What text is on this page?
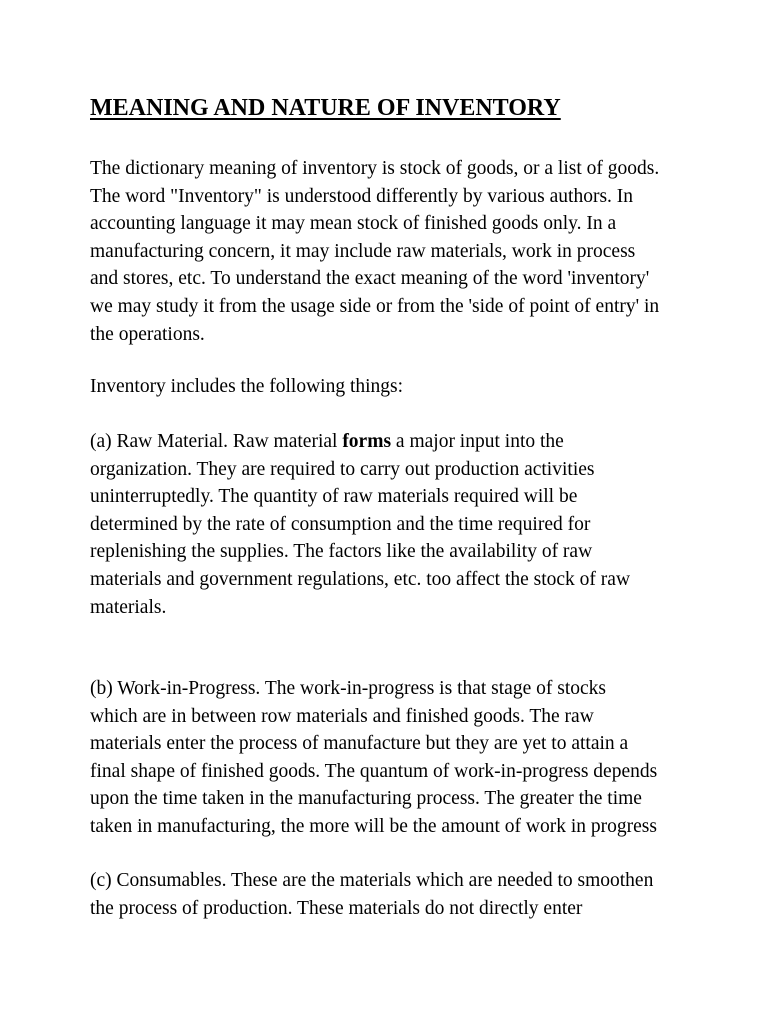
MEANING AND NATURE OF INVENTORY

The dictionary meaning of inventory is stock of goods, or a list of goods.
The word "Inventory" is understood differently by various authors. In
accounting language it may mean stock of finished goods only. In a
manufacturing concern, it may include raw materials, work in process
and stores, etc. To understand the exact meaning of the word 'inventory'
we may study it from the usage side or from the 'side of point of entry' in
the operations.

Inventory includes the following things:

(a) Raw Material. Raw material forms a major input into the
organization. They are required to carry out production activities
uninterruptedly. The quantity of raw materials required will be
determined by the rate of consumption and the time required for
replenishing the supplies. The factors like the availability of raw
materials and government regulations, etc. too affect the stock of raw
materials.

(b) Work-in-Progress. The work-in-progress is that stage of stocks
which are in between row materials and finished goods. The raw
materials enter the process of manufacture but they are yet to attain a
final shape of finished goods. The quantum of work-in-progress depends
upon the time taken in the manufacturing process. The greater the time
taken in manufacturing, the more will be the amount of work in progress

(c) Consumables. These are the materials which are needed to smoothen
the process of production. These materials do not directly enter
